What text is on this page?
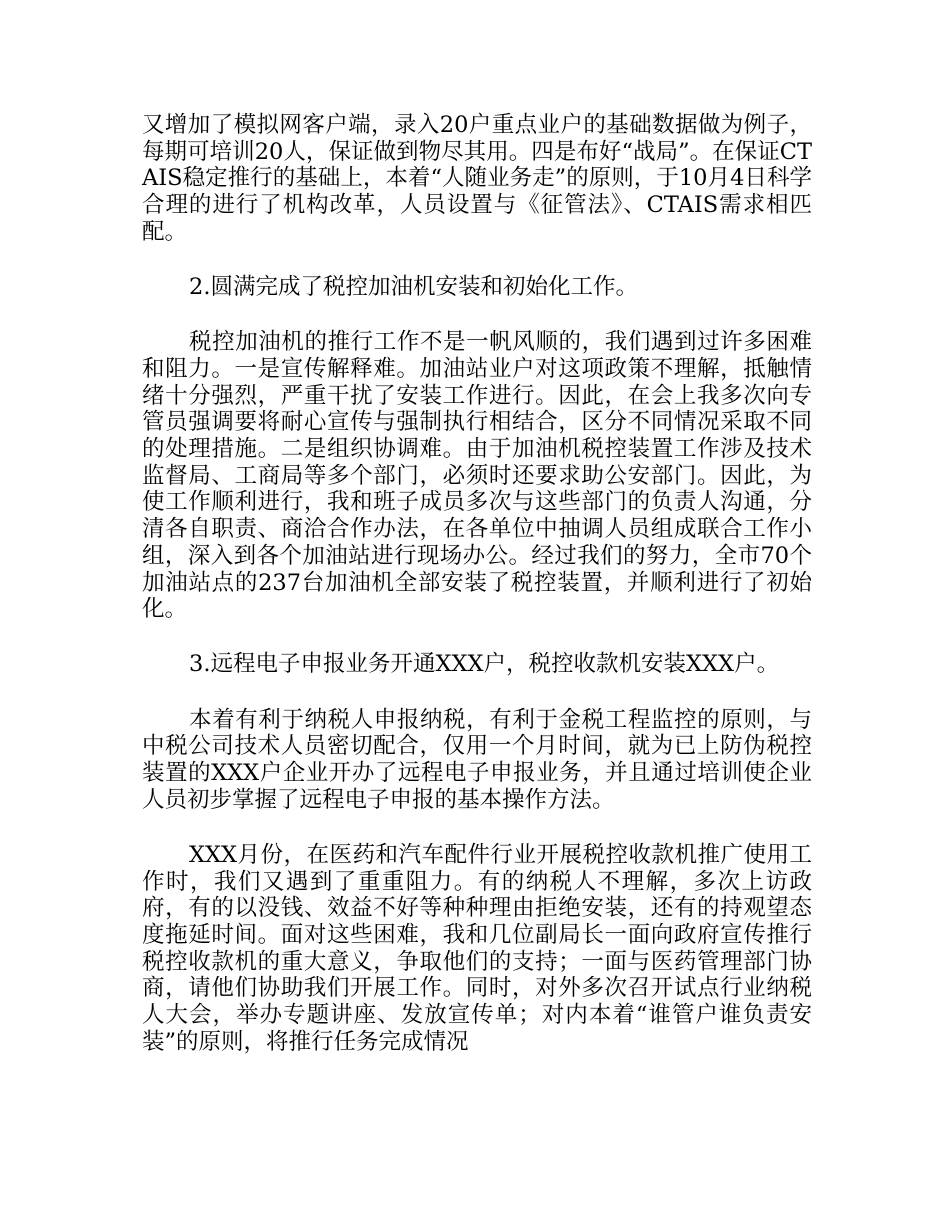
又增加了模拟网客户端，录入20户重点业户的基础数据做为例子，每期可培训20人，保证做到物尽其用。四是布好“战局”。在保证CTAIS稳定推行的基础上，本着“人随业务走”的原则，于10月4日科学合理的进行了机构改革，人员设置与《征管法》、CTAIS需求相匹配。

2.圆满完成了税控加油机安装和初始化工作。

税控加油机的推行工作不是一帆风顺的，我们遇到过许多困难和阻力。一是宣传解释难。加油站业户对这项政策不理解，抵触情绪十分强烈，严重干扰了安装工作进行。因此，在会上我多次向专管员强调要将耐心宣传与强制执行相结合，区分不同情况采取不同的处理措施。二是组织协调难。由于加油机税控装置工作涉及技术监督局、工商局等多个部门，必须时还要求助公安部门。因此，为使工作顺利进行，我和班子成员多次与这些部门的负责人沟通，分清各自职责、商洽合作办法，在各单位中抽调人员组成联合工作小组，深入到各个加油站进行现场办公。经过我们的努力，全市70个加油站点的237台加油机全部安装了税控装置，并顺利进行了初始化。

3.远程电子申报业务开通XXX户，税控收款机安装XXX户。

本着有利于纳税人申报纳税，有利于金税工程监控的原则，与中税公司技术人员密切配合，仅用一个月时间，就为已上防伪税控装置的XXX户企业开办了远程电子申报业务，并且通过培训使企业人员初步掌握了远程电子申报的基本操作方法。

XXX月份，在医药和汽车配件行业开展税控收款机推广使用工作时，我们又遇到了重重阻力。有的纳税人不理解，多次上访政府，有的以没钱、效益不好等种种理由拒绝安装，还有的持观望态度拖延时间。面对这些困难，我和几位副局长一面向政府宣传推行税控收款机的重大意义，争取他们的支持；一面与医药管理部门协商，请他们协助我们开展工作。同时，对外多次召开试点行业纳税人大会，举办专题讲座、发放宣传单；对内本着“谁管户谁负责安装”的原则，将推行任务完成情况
